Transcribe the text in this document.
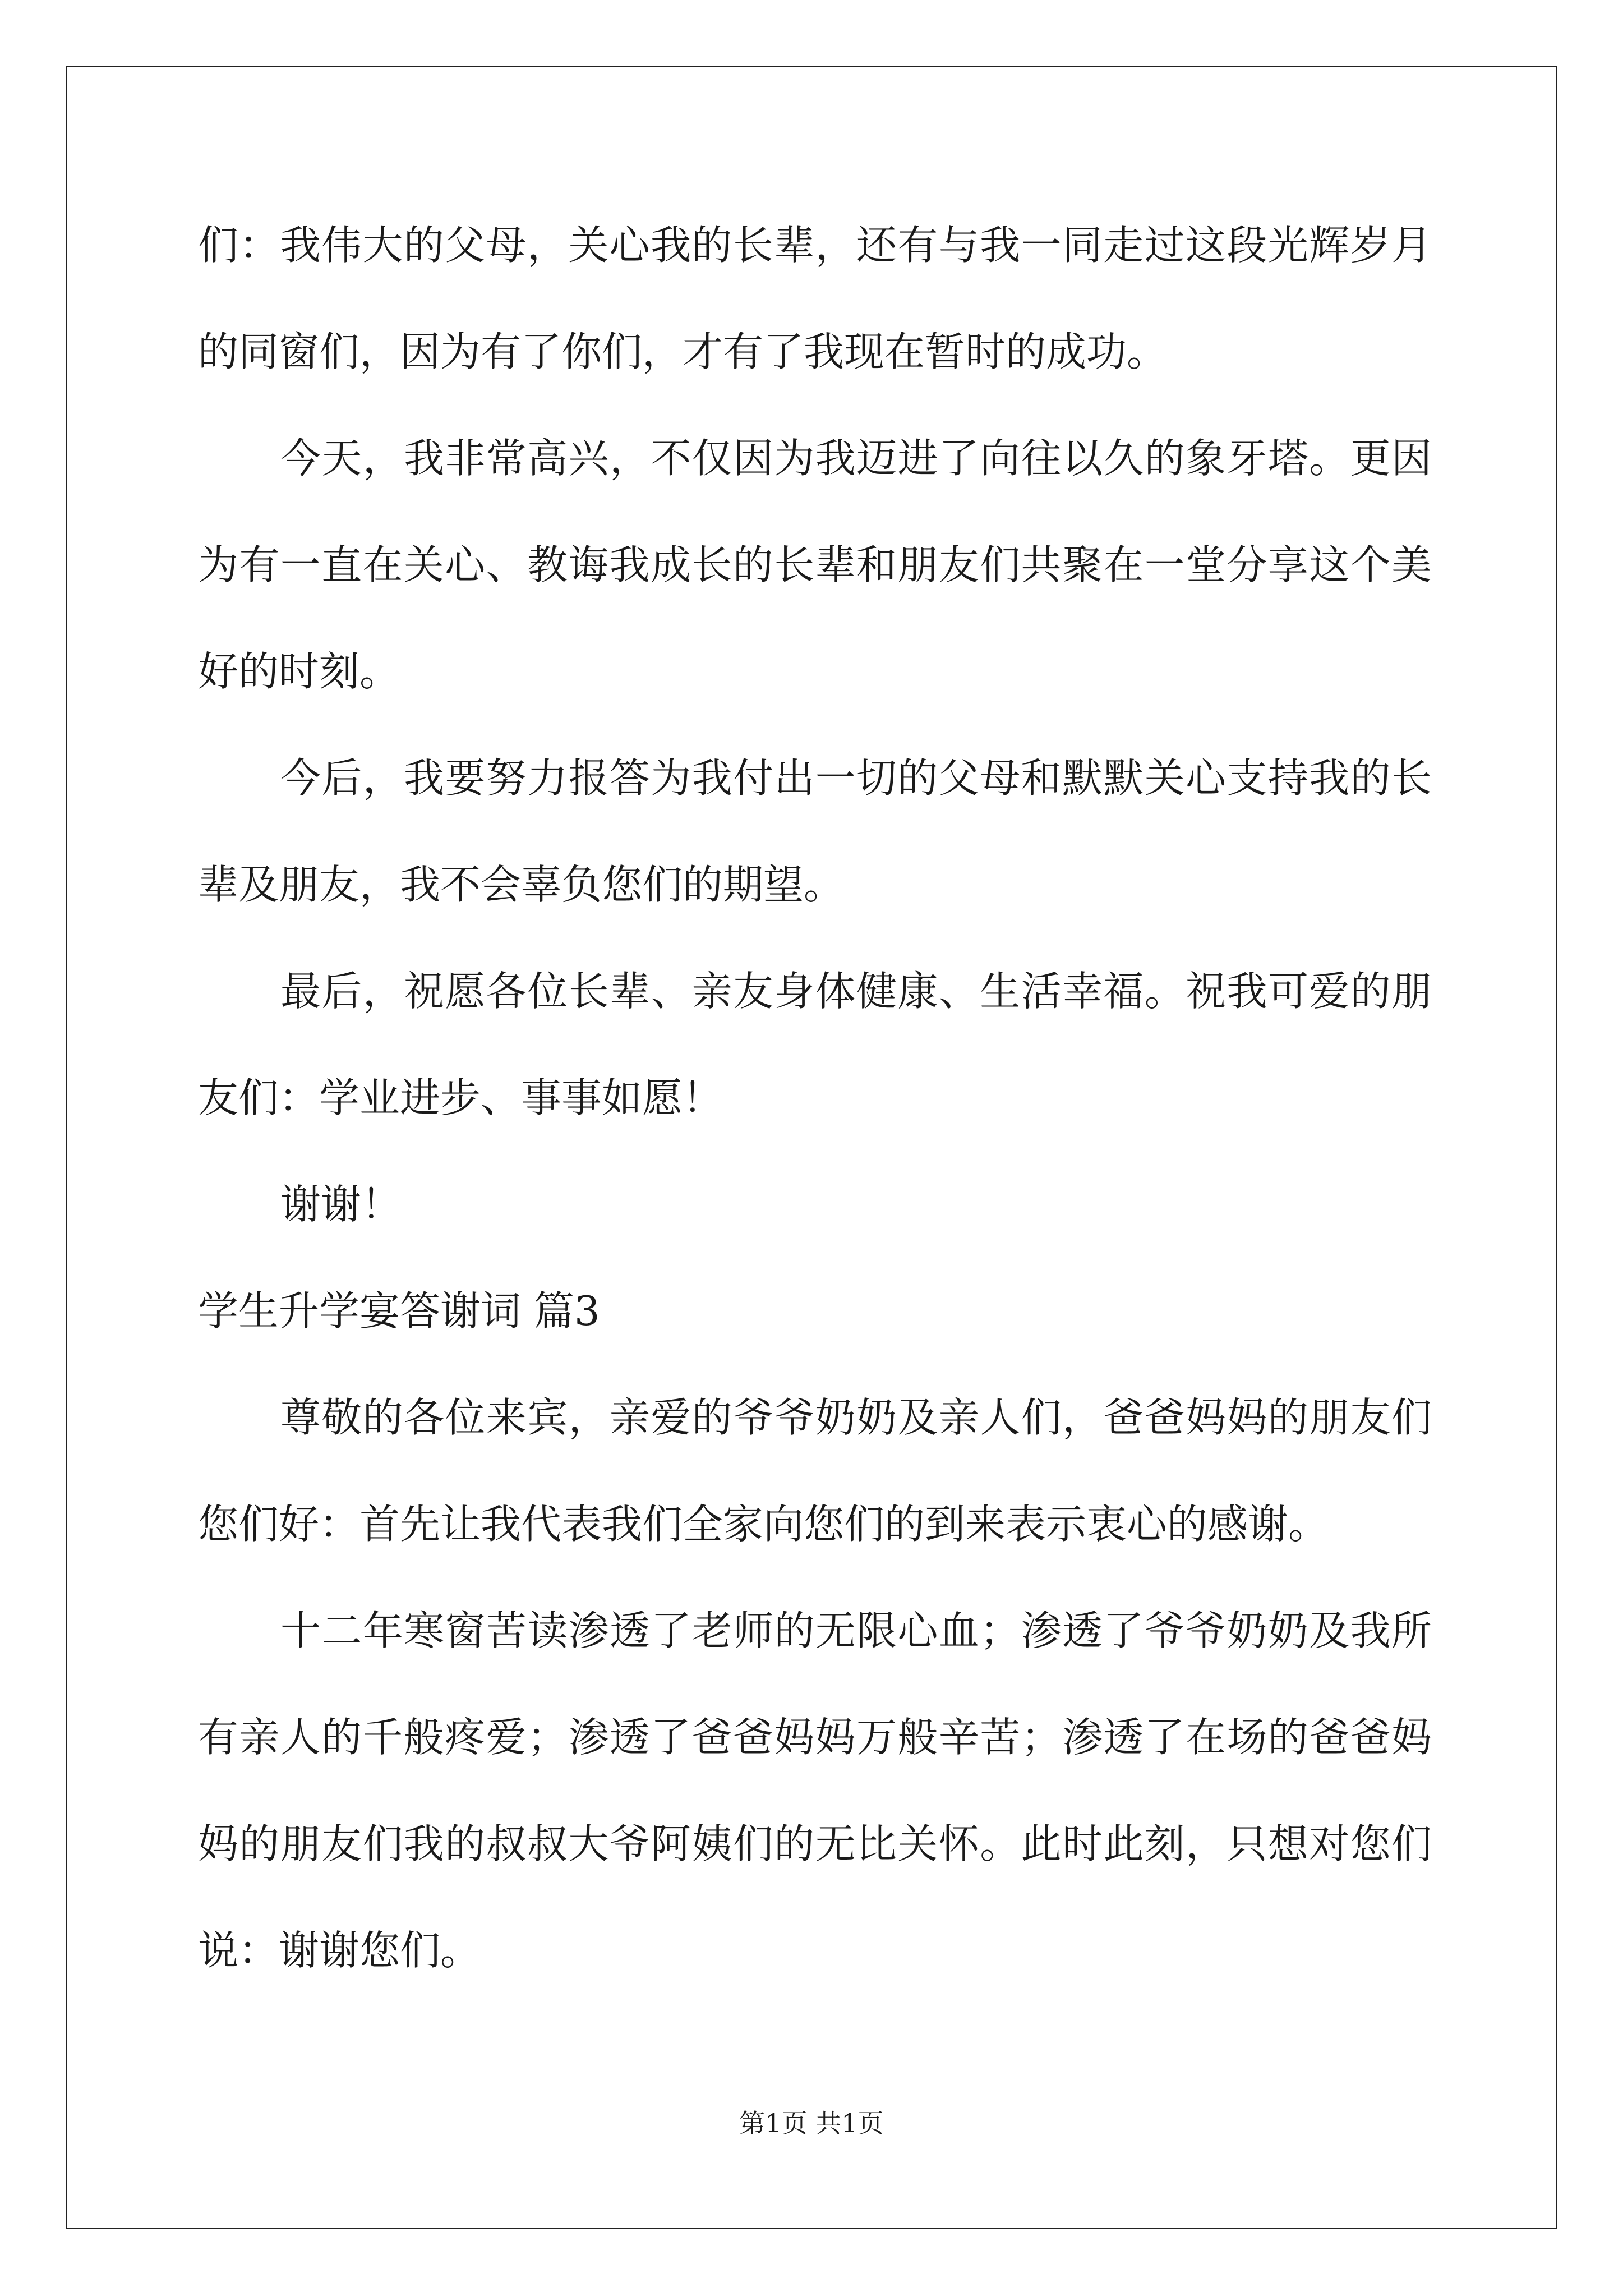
们：我伟大的父母，关心我的长辈，还有与我一同走过这段光辉岁月
的同窗们，因为有了你们，才有了我现在暂时的成功。
今天，我非常高兴，不仅因为我迈进了向往以久的象牙塔。更因
为有一直在关心、教诲我成长的长辈和朋友们共聚在一堂分享这个美
好的时刻。
今后，我要努力报答为我付出一切的父母和默默关心支持我的长
辈及朋友，我不会辜负您们的期望。
最后，祝愿各位长辈、亲友身体健康、生活幸福。祝我可爱的朋
友们：学业进步、事事如愿！
谢谢！
学生升学宴答谢词 篇3
尊敬的各位来宾，亲爱的爷爷奶奶及亲人们，爸爸妈妈的朋友们
您们好：首先让我代表我们全家向您们的到来表示衷心的感谢。
十二年寒窗苦读渗透了老师的无限心血；渗透了爷爷奶奶及我所
有亲人的千般疼爱；渗透了爸爸妈妈万般辛苦；渗透了在场的爸爸妈
妈的朋友们我的叔叔大爷阿姨们的无比关怀。此时此刻，只想对您们
说：谢谢您们。
第1页 共1页
